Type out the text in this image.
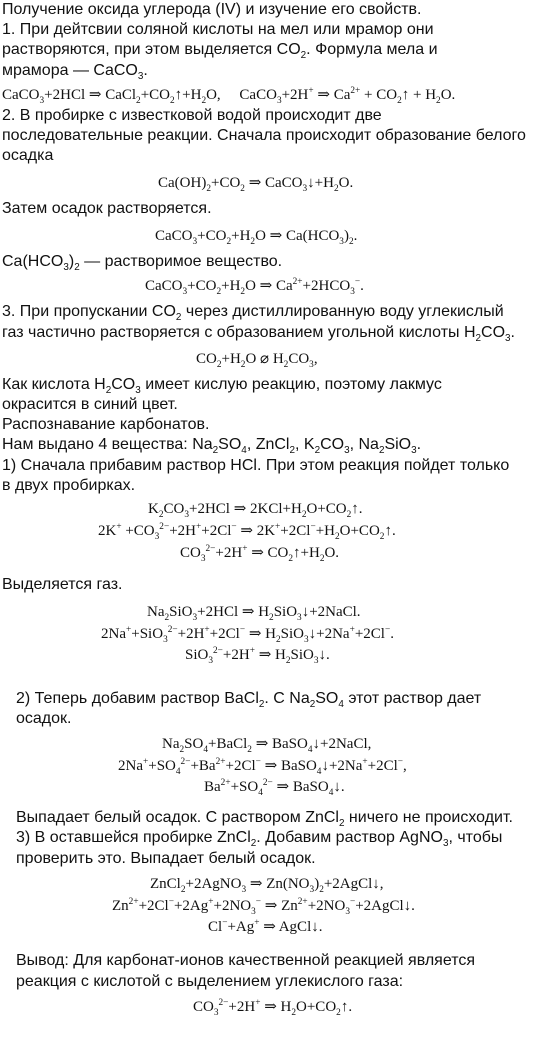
Получение оксида углерода (IV) и изучение его свойств.
1. При дейтсвии соляной кислоты на мел или мрамор они
растворяются, при этом выделяется $CO_2$. Формула мела и
мрамора — CaCO$_3$.
CaCO$_3$+2HCl ⇒ $CaCl_2+CO_2↑+H_2O$,     CaCO$_3$+2H+ ⇒ $Ca^{2+}$ + $CO_2↑ + H_2O$.
2. В пробирке с известковой водой происходит две
последовательные реакции. Сначала происходит образование белого
осадка
$Ca(OH)_2+CO_2$ ⇒ $CaCO_3↓+H_2O$.
Затем осадок растворяется.
$CaCO_3+CO_2+H_2O$ ⇒ $Ca(HCO_3)_2$.
$Ca(HCO_3)_2$ — растворимое вещество.
$CaCO_3+CO_2+H_2O$ ⇒ $Ca^{2+}+2HCO_3^-$.
3. При пропускании $CO_2$ через дистиллированную воду углекислый
газ частично растворяется с образованием угольной кислоты $H_2CO_3$.
$CO_2+H_2O$ ⌀ $H_2CO_3$,
Как кислота $H_2CO_3$ имеет кислую реакцию, поэтому лакмус
окрасится в синий цвет.
Распознавание карбонатов.
Нам выдано 4 вещества: $Na_2SO_4$, ZnCl$_2$, $K_2CO_3$, $Na_2SiO_3$.
1) Сначала прибавим раствор HCl. При этом реакция пойдет только
в двух пробирках.
$K_2CO_3+2HCl$ ⇒ $2KCl+H_2O+CO_2↑$.
$2K^+ +CO_3^{2-}+2H^++2Cl^-$ ⇒ $2K^++2Cl^-+H_2O+CO_2↑$.
$CO_3^{2-}+2H^+$ ⇒ $CO_2↑+H_2O$.
Выделяется газ.
$Na_2SiO_3+2HCl$ ⇒ $H_2SiO_3↓+2NaCl$.
2Na++SiO$_3^{2-}$+2H++2Cl− ⇒ $H_2SiO_3↓+2Na^++2Cl^-$.
SiO$_3^{2-}$+2H+ ⇒ $H_2SiO_3↓$.
2) Теперь добавим раствор BaCl$_2$. С $Na_2SO_4$ этот раствор дает
осадок.
$Na_2SO_4+BaCl_2$ ⇒ BaSO$_4$↓+2NaCl,
$2Na^++SO_4^{2-}+Ba^{2+}+2Cl^-$ ⇒ BaSO$_4$↓+2Na++2Cl−,
$Ba^{2+}+SO_4^{2-}$ ⇒ BaSO$_4$↓.
Выпадает белый осадок. С раствором ZnCl$_2$ ничего не происходит.
3) В оставшейся пробирке ZnCl$_2$. Добавим раствор AgNO$_3$, чтобы
проверить это. Выпадает белый осадок.
ZnCl$_2$+2AgNO$_3$ ⇒ $Zn(NO_3)_2+2AgCl↓$,
$Zn^{2+}+2Cl^-+2Ag^++2NO_3^-$ ⇒ $Zn^{2+}+2NO_3^-+2AgCl↓$.
Cl−+Ag+ ⇒ AgCl↓.
Вывод: Для карбонат-ионов качественной реакцией является
реакция с кислотой с выделением углекислого газа:
$CO_3^{2-}+2H^+$ ⇒ $H_2O+CO_2↑$.
